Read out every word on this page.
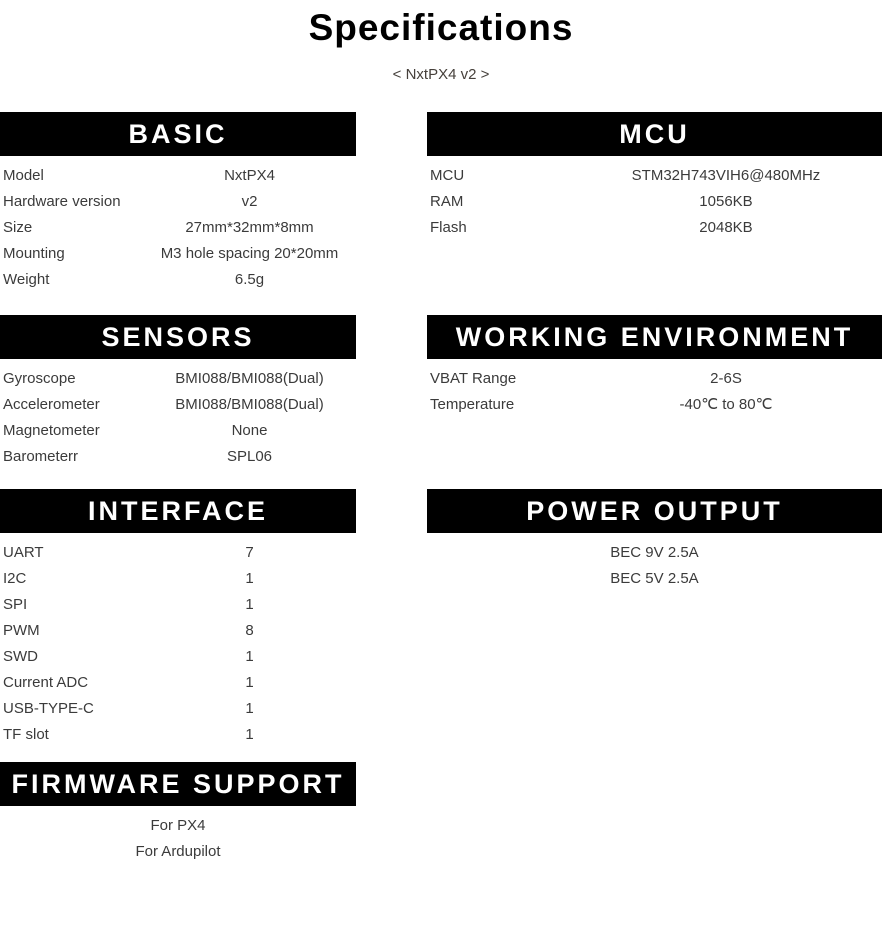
Specifications
< NxtPX4 v2 >
BASIC
Model	NxtPX4
Hardware version	v2
Size	27mm*32mm*8mm
Mounting	M3 hole spacing 20*20mm
Weight	6.5g
MCU
MCU	STM32H743VIH6@480MHz
RAM	1056KB
Flash	2048KB
SENSORS
Gyroscope	BMI088/BMI088(Dual)
Accelerometer	BMI088/BMI088(Dual)
Magnetometer	None
Barometerr	SPL06
WORKING ENVIRONMENT
VBAT Range	2-6S
Temperature	-40℃ to 80℃
INTERFACE
UART	7
I2C	1
SPI	1
PWM	8
SWD	1
Current ADC	1
USB-TYPE-C	1
TF slot	1
POWER OUTPUT
BEC 9V 2.5A
BEC 5V 2.5A
FIRMWARE SUPPORT
For PX4
For Ardupilot
